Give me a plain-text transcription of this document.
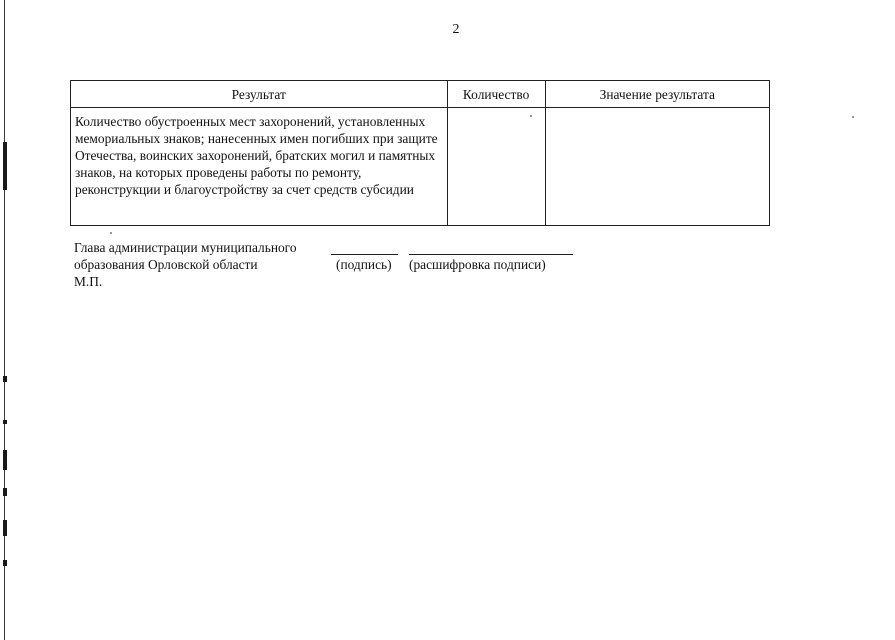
2
Результат	Количество	Значение результата
Количество обустроенных мест захоронений, установленных мемориальных знаков; нанесенных имен погибших при защите Отечества, воинских захоронений, братских могил и памятных знаков, на которых проведены работы по ремонту, реконструкции и благоустройству за счет средств субсидии		
Глава администрации муниципального
образования Орловской области	(подпись) (расшифровка подписи)
М.П.
